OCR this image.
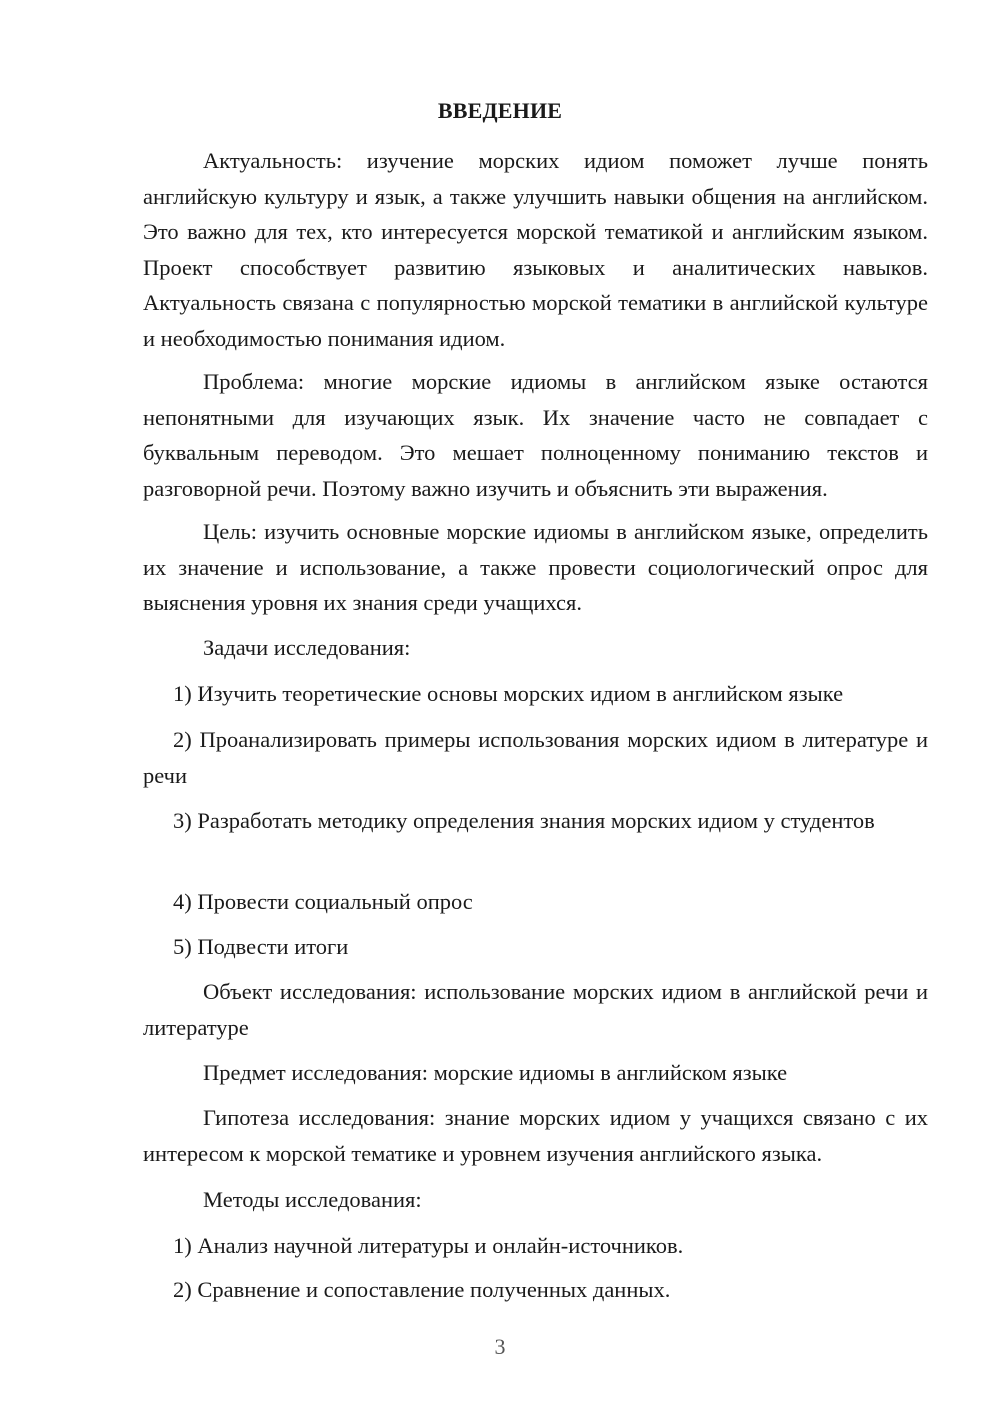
ВВЕДЕНИЕ

Актуальность: изучение морских идиом поможет лучше понять английскую культуру и язык, а также улучшить навыки общения на английском. Это важно для тех, кто интересуется морской тематикой и английским языком. Проект способствует развитию языковых и аналитических навыков. Актуальность связана с популярностью морской тематики в английской культуре и необходимостью понимания идиом.

Проблема: многие морские идиомы в английском языке остаются непонятными для изучающих язык. Их значение часто не совпадает с буквальным переводом. Это мешает полноценному пониманию текстов и разговорной речи. Поэтому важно изучить и объяснить эти выражения.

Цель: изучить основные морские идиомы в английском языке, определить их значение и использование, а также провести социологический опрос для выяснения уровня их знания среди учащихся.

Задачи исследования:

1) Изучить теоретические основы морских идиом в английском языке

2) Проанализировать примеры использования морских идиом в литературе и речи

3) Разработать методику определения знания морских идиом у студентов

4) Провести социальный опрос

5) Подвести итоги

Объект исследования: использование морских идиом в английской речи и литературе

Предмет исследования: морские идиомы в английском языке

Гипотеза исследования: знание морских идиом у учащихся связано с их интересом к морской тематике и уровнем изучения английского языка.

Методы исследования:

1) Анализ научной литературы и онлайн-источников.

2) Сравнение и сопоставление полученных данных.

3
